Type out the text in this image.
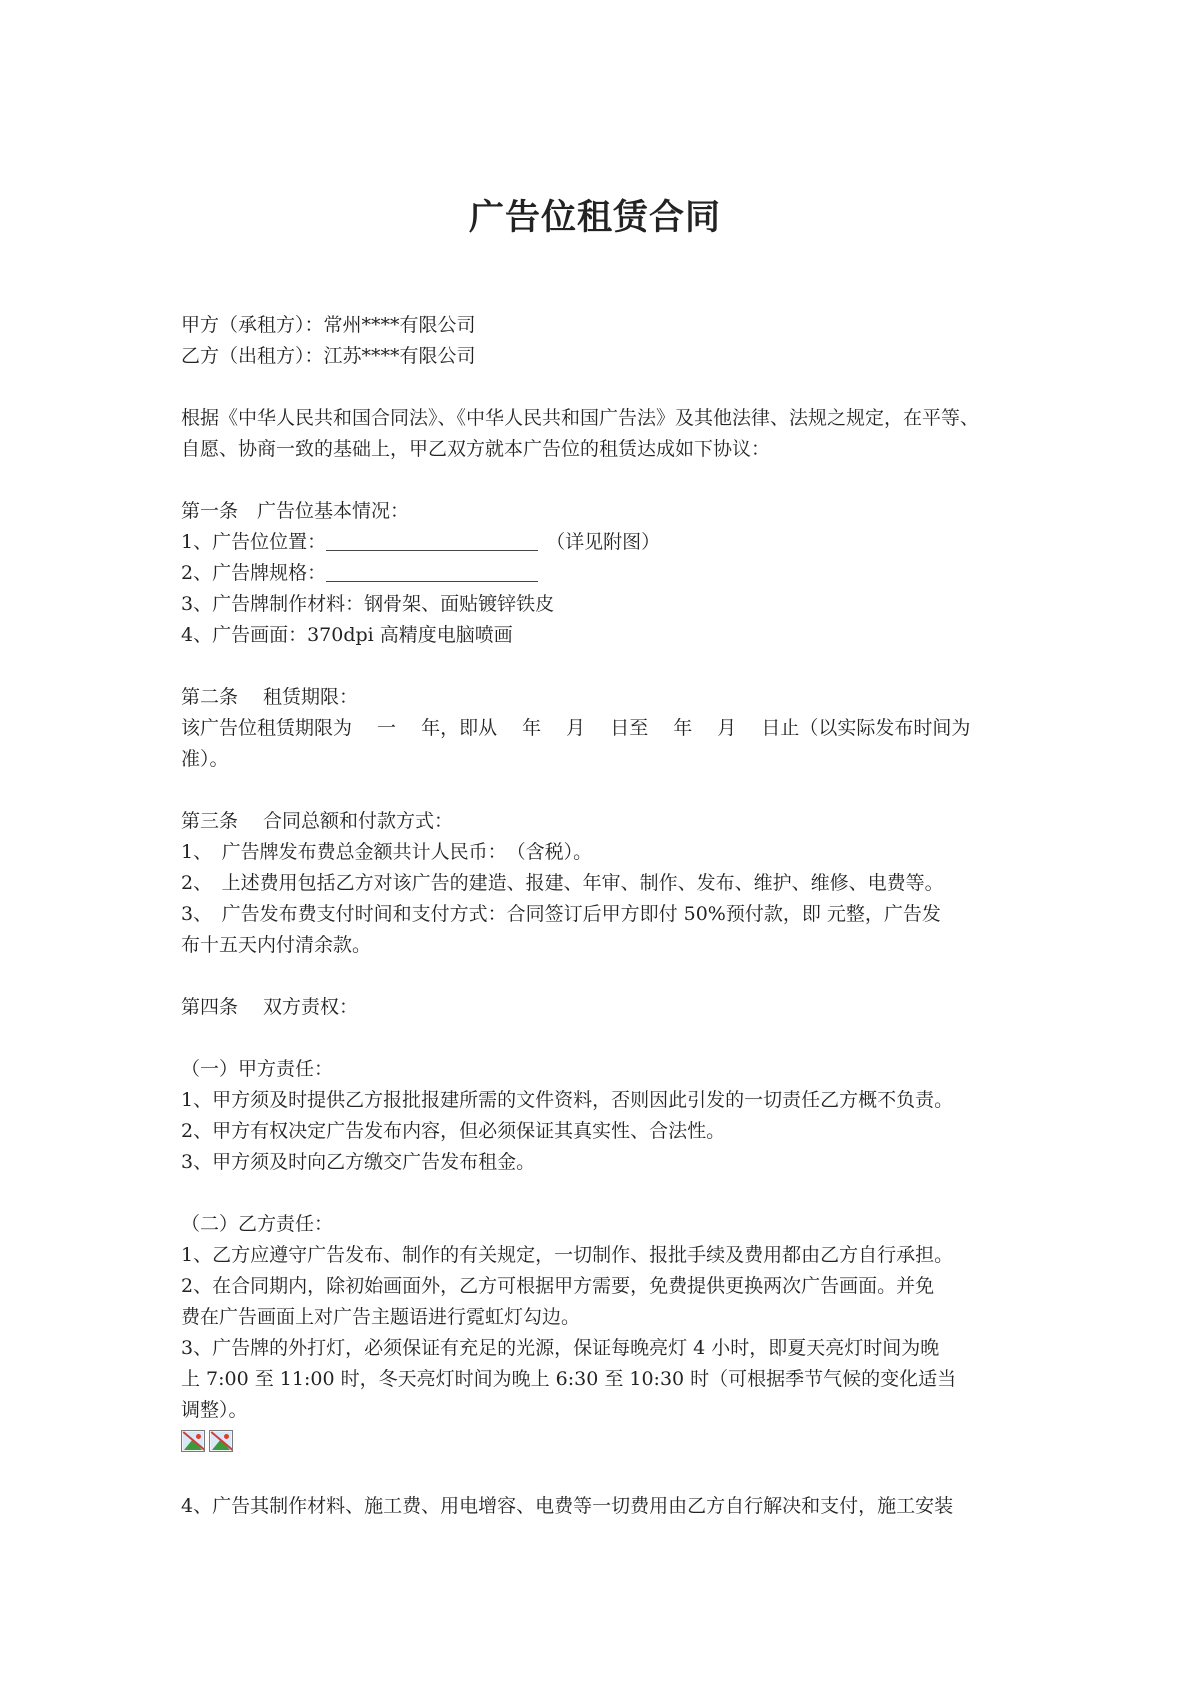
广告位租赁合同
甲方（承租方）：常州****有限公司
乙方（出租方）：江苏****有限公司
根据《中华人民共和国合同法》、《中华人民共和国广告法》及其他法律、法规之规定，在平等、
自愿、协商一致的基础上，甲乙双方就本广告位的租赁达成如下协议：
第一条　广告位基本情况：
1、广告位位置：	（详见附图）
2、广告牌规格：
3、广告牌制作材料：钢骨架、面贴镀锌铁皮
4、广告画面：370dpi 高精度电脑喷画
第二条　 租赁期限：
该广告位租赁期限为　 一　 年，即从　 年　 月　 日至　 年　 月　 日止（以实际发布时间为
准）。
第三条　 合同总额和付款方式：
1、　广告牌发布费总金额共计人民币：　（含税）。
2、　上述费用包括乙方对该广告的建造、报建、年审、制作、发布、维护、维修、电费等。
3、　广告发布费支付时间和支付方式：合同签订后甲方即付 50%预付款，即 元整，广告发
布十五天内付清余款。
第四条　 双方责权：
（一）甲方责任：
1、甲方须及时提供乙方报批报建所需的文件资料，否则因此引发的一切责任乙方概不负责。
2、甲方有权决定广告发布内容，但必须保证其真实性、合法性。
3、甲方须及时向乙方缴交广告发布租金。
（二）乙方责任：
1、乙方应遵守广告发布、制作的有关规定，一切制作、报批手续及费用都由乙方自行承担。
2、在合同期内，除初始画面外，乙方可根据甲方需要，免费提供更换两次广告画面。并免
费在广告画面上对广告主题语进行霓虹灯勾边。
3、广告牌的外打灯，必须保证有充足的光源，保证每晚亮灯 4 小时，即夏天亮灯时间为晚
上 7:00 至 11:00 时，冬天亮灯时间为晚上 6:30 至 10:30 时（可根据季节气候的变化适当
调整）。
4、广告其制作材料、施工费、用电增容、电费等一切费用由乙方自行解决和支付，施工安装
